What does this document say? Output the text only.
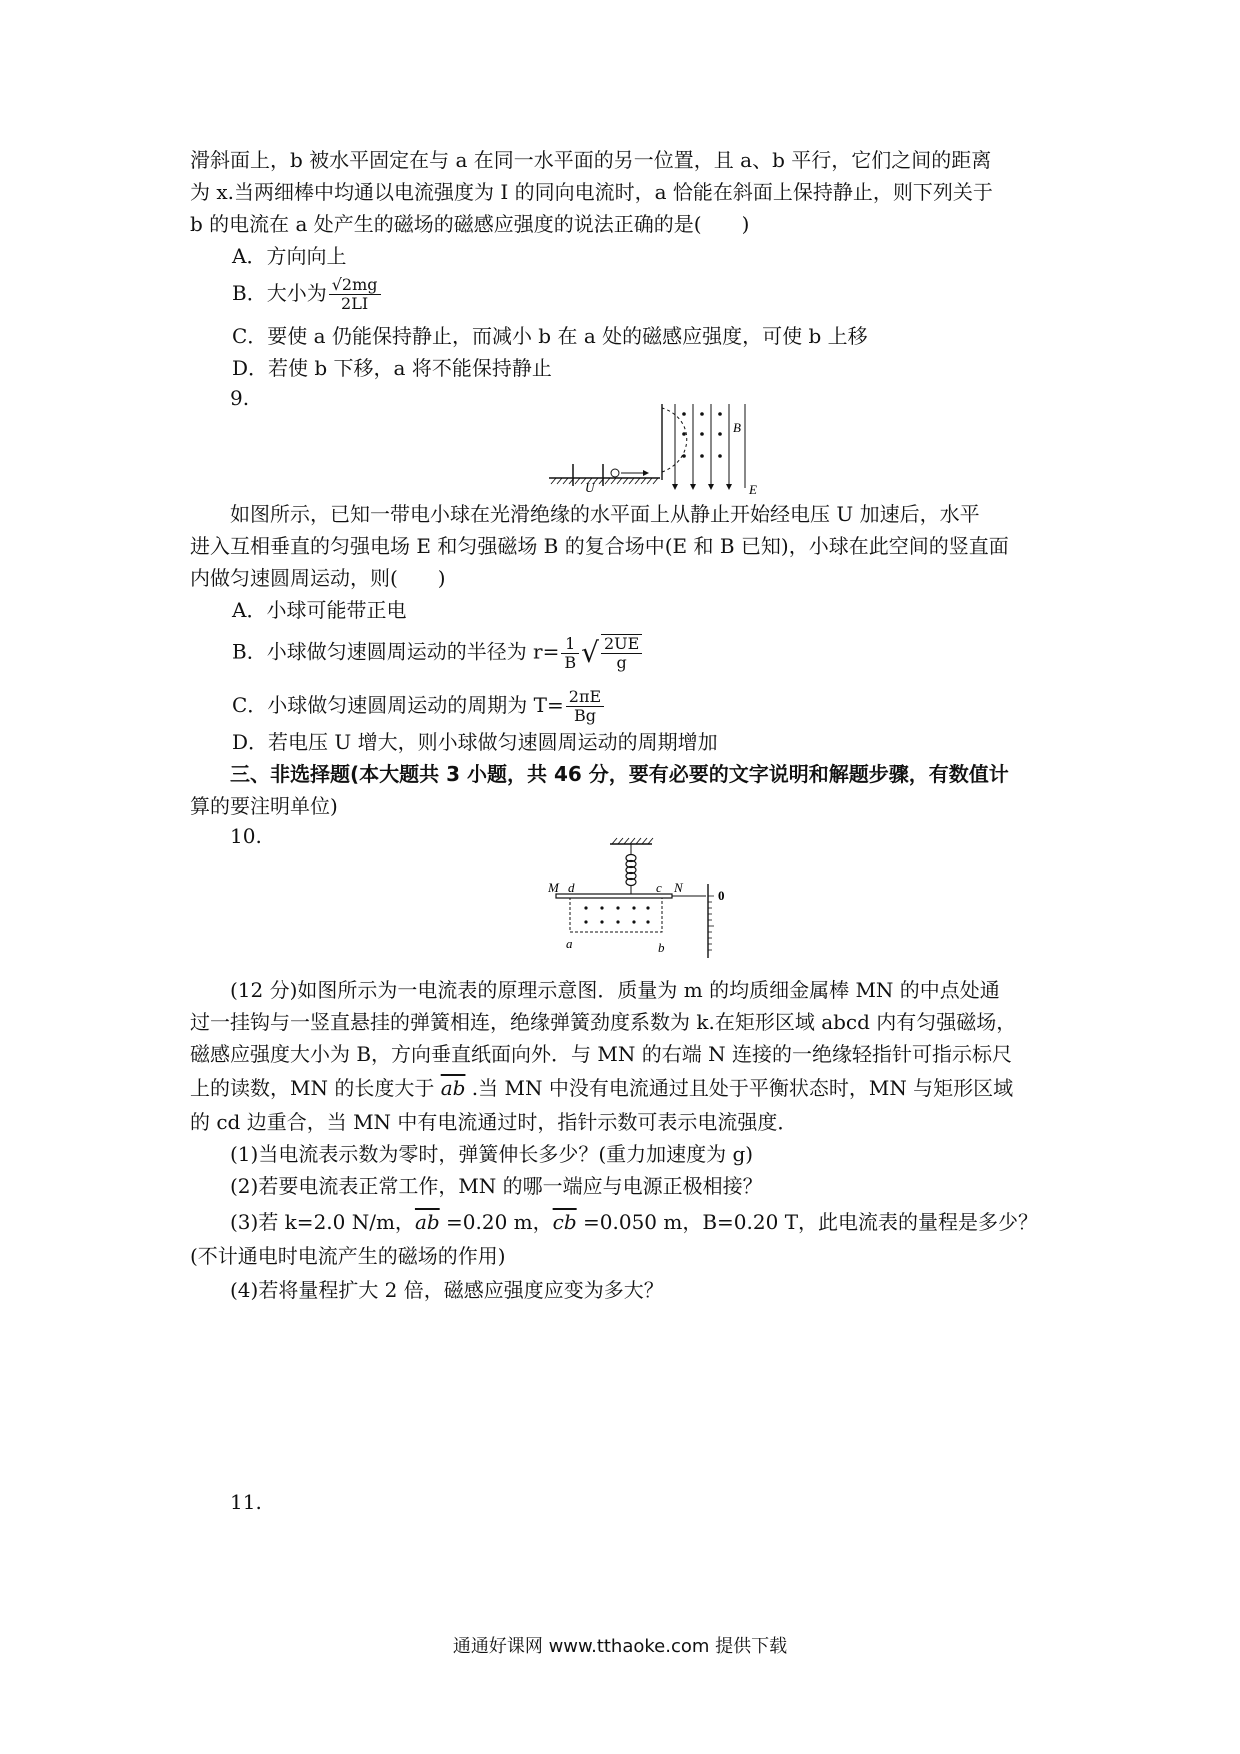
滑斜面上，b 被水平固定在与 a 在同一水平面的另一位置，且 a、b 平行，它们之间的距离
为 x.当两细棒中均通以电流强度为 I 的同向电流时，a 恰能在斜面上保持静止，则下列关于
b 的电流在 a 处产生的磁场的磁感应强度的说法正确的是(　　)
A．方向向上
B．大小为 $\frac{√2mg}{2LI}$
C．要使 a 仍能保持静止，而减小 b 在 a 处的磁感应强度，可使 b 上移
D．若使 b 下移，a 将不能保持静止
9.
B
E
U
如图所示，已知一带电小球在光滑绝缘的水平面上从静止开始经电压 U 加速后，水平
进入互相垂直的匀强电场 E 和匀强磁场 B 的复合场中(E 和 B 已知)，小球在此空间的竖直面
内做匀速圆周运动，则(　　)
A．小球可能带正电
B．小球做匀速圆周运动的半径为 $r= \frac{1}{B}$ √ $\frac{2UE}{g}$
C．小球做匀速圆周运动的周期为 $T= \frac{2\pi E}{Bg}$
D．若电压 U 增大，则小球做匀速圆周运动的周期增加
三、非选择题(本大题共 3 小题，共 46 分，要有必要的文字说明和解题步骤，有数值计
算的要注明单位)
10.
M d	c N
a	b
0
(12 分)如图所示为一电流表的原理示意图．质量为 m 的均质细金属棒 MN 的中点处通
过一挂钩与一竖直悬挂的弹簧相连，绝缘弹簧劲度系数为 k.在矩形区域 abcd 内有匀强磁场，
磁感应强度大小为 B，方向垂直纸面向外．与 MN 的右端 N 连接的一绝缘轻指针可指示标尺
上的读数，MN 的长度大于 $\overline{ab}$ .当 MN 中没有电流通过且处于平衡状态时，MN 与矩形区域
的 cd 边重合，当 MN 中有电流通过时，指针示数可表示电流强度．
(1)当电流表示数为零时，弹簧伸长多少？(重力加速度为 g)
(2)若要电流表正常工作，MN 的哪一端应与电源正极相接？
(3)若 k=2.0 N/m，$\overline{ab} =0.20$ m，$\overline{cb} =0.050$ m，B=0.20 T，此电流表的量程是多少？
(不计通电时电流产生的磁场的作用)
(4)若将量程扩大 2 倍，磁感应强度应变为多大？
11.
通通好课网 www.tthaoke.com 提供下载
